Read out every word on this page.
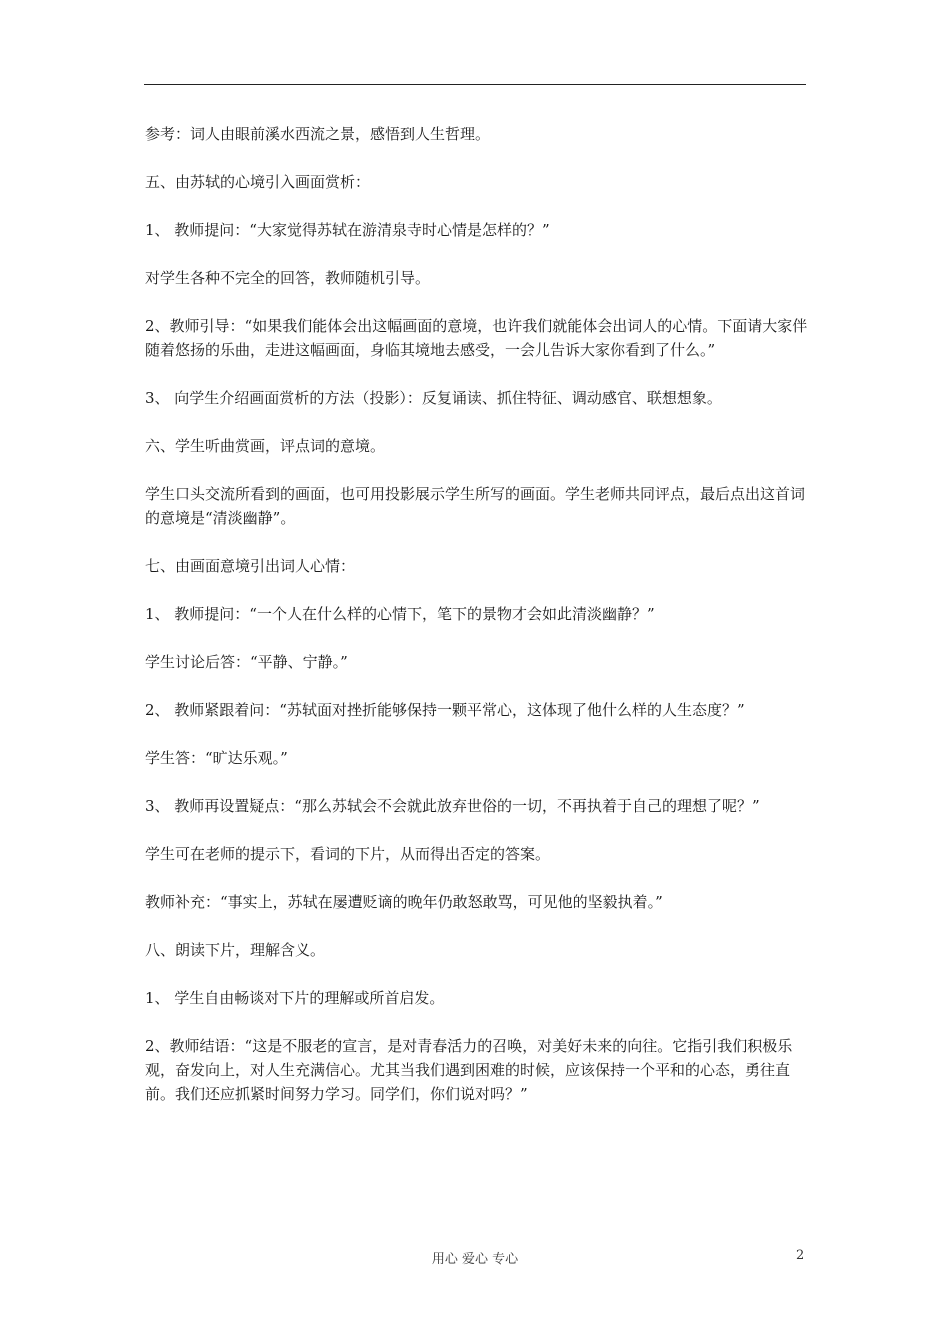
参考：词人由眼前溪水西流之景，感悟到人生哲理。

五、由苏轼的心境引入画面赏析：

1、 教师提问：“大家觉得苏轼在游清泉寺时心情是怎样的？”

对学生各种不完全的回答，教师随机引导。

2、教师引导：“如果我们能体会出这幅画面的意境，也许我们就能体会出词人的心情。下面请大家伴随着悠扬的乐曲，走进这幅画面，身临其境地去感受，一会儿告诉大家你看到了什么。”

3、 向学生介绍画面赏析的方法（投影）：反复诵读、抓住特征、调动感官、联想想象。

六、学生听曲赏画，评点词的意境。

学生口头交流所看到的画面，也可用投影展示学生所写的画面。学生老师共同评点，最后点出这首词的意境是“清淡幽静”。

七、由画面意境引出词人心情：

1、 教师提问：“一个人在什么样的心情下，笔下的景物才会如此清淡幽静？”

学生讨论后答：“平静、宁静。”

2、 教师紧跟着问：“苏轼面对挫折能够保持一颗平常心，这体现了他什么样的人生态度？”

学生答：“旷达乐观。”

3、 教师再设置疑点：“那么苏轼会不会就此放弃世俗的一切，不再执着于自己的理想了呢？”

学生可在老师的提示下，看词的下片，从而得出否定的答案。

教师补充：“事实上，苏轼在屡遭贬谪的晚年仍敢怒敢骂，可见他的坚毅执着。”

八、朗读下片，理解含义。

1、 学生自由畅谈对下片的理解或所首启发。

2、教师结语：“这是不服老的宣言，是对青春活力的召唤，对美好未来的向往。它指引我们积极乐观，奋发向上，对人生充满信心。尤其当我们遇到困难的时候，应该保持一个平和的心态，勇往直前。我们还应抓紧时间努力学习。同学们，你们说对吗？”

用心 爱心 专心	2
